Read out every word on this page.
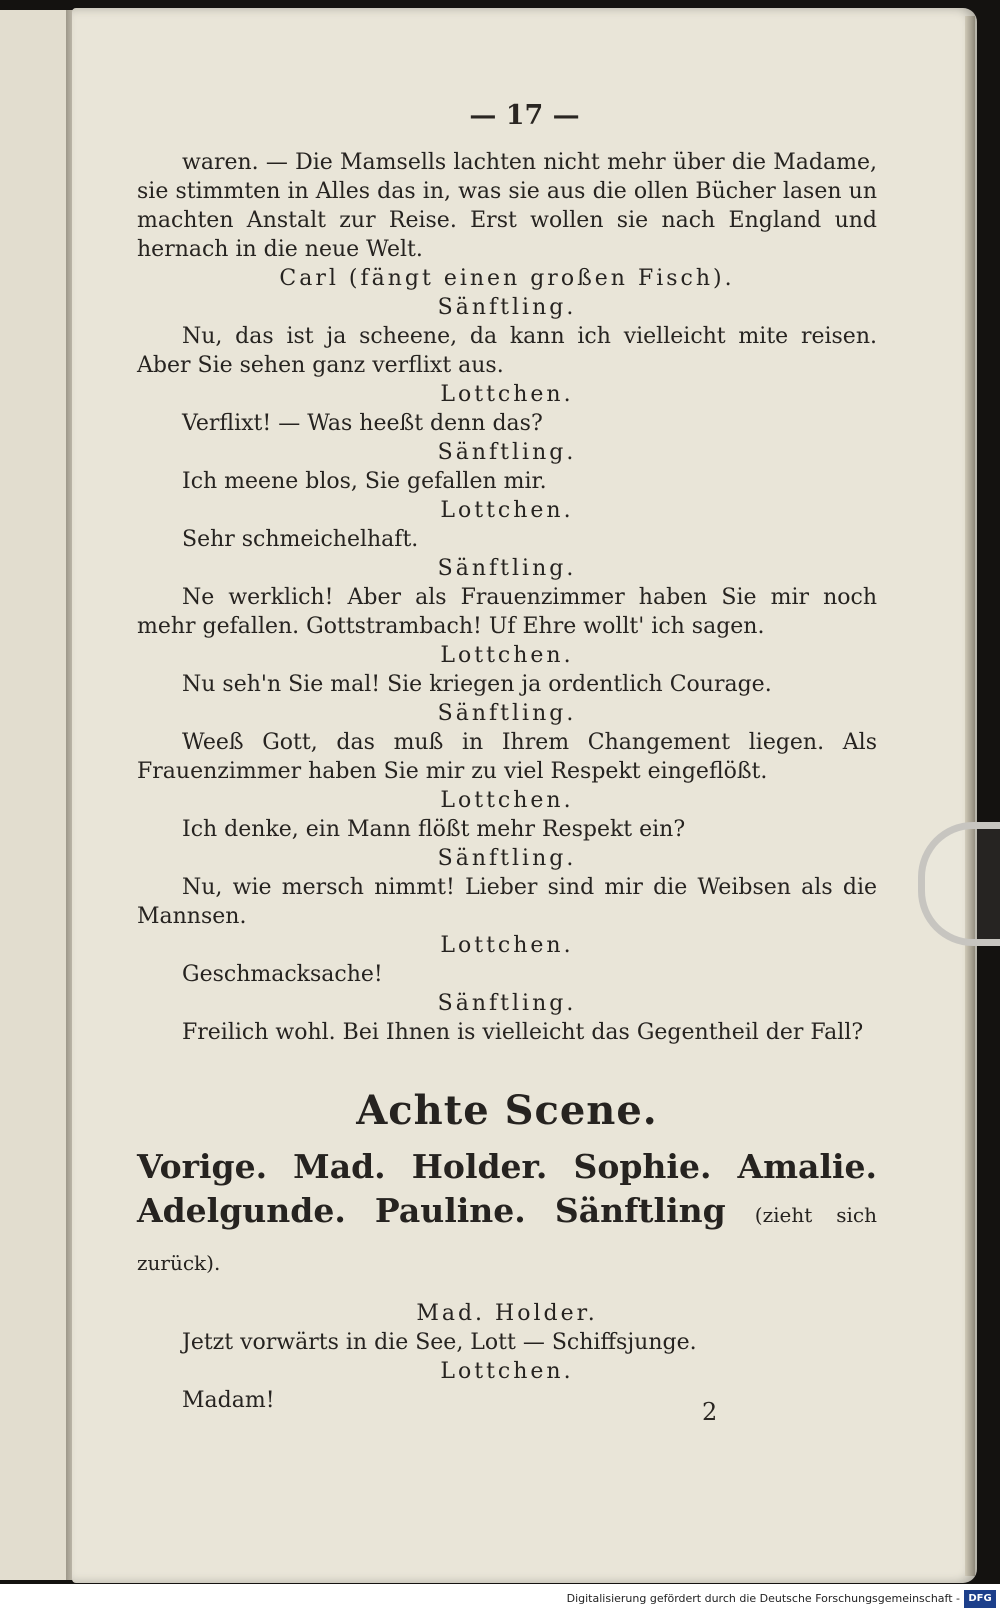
— 17 —

waren. — Die Mamsells lachten nicht mehr über die Madame, sie stimmten in Alles das in, was sie aus die ollen Bücher lasen un machten Anstalt zur Reise. Erst wollen sie nach England und hernach in die neue Welt.

Carl (fängt einen großen Fisch).

Sänftling.

Nu, das ist ja scheene, da kann ich vielleicht mite reisen. Aber Sie sehen ganz verflixt aus.

Lottchen.

Verflixt! — Was heeßt denn das?

Sänftling.

Ich meene blos, Sie gefallen mir.

Lottchen.

Sehr schmeichelhaft.

Sänftling.

Ne werklich! Aber als Frauenzimmer haben Sie mir noch mehr gefallen. Gottstrambach! Uf Ehre wollt' ich sagen.

Lottchen.

Nu seh'n Sie mal! Sie kriegen ja ordentlich Courage.

Sänftling.

Weeß Gott, das muß in Ihrem Changement liegen. Als Frauenzimmer haben Sie mir zu viel Respekt eingeflößt.

Lottchen.

Ich denke, ein Mann flößt mehr Respekt ein?

Sänftling.

Nu, wie mersch nimmt! Lieber sind mir die Weibsen als die Mannsen.

Lottchen.

Geschmacksache!

Sänftling.

Freilich wohl. Bei Ihnen is vielleicht das Gegentheil der Fall?

Achte Scene.
Vorige. Mad. Holder. Sophie. Amalie. Adelgunde. Pauline. Sänftling (zieht sich zurück).

Mad. Holder.

Jetzt vorwärts in die See, Lott — Schiffsjunge.

Lottchen.

Madam!	2
Digitalisierung gefördert durch die Deutsche Forschungsgemeinschaft - DFG
